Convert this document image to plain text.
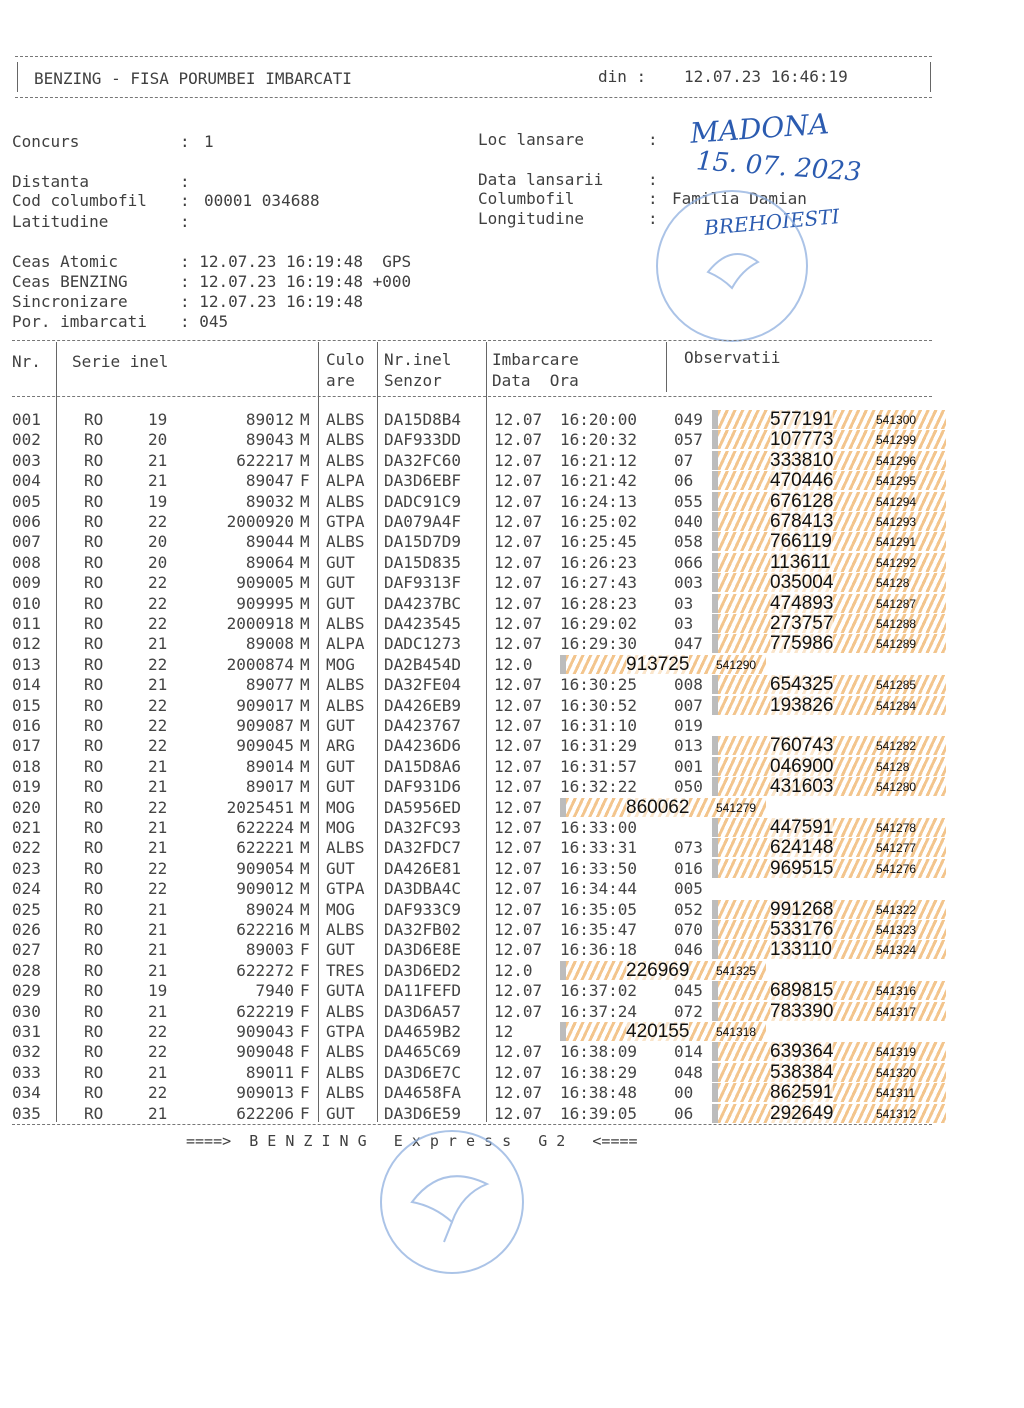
BENZING - FISA PORUMBEI IMBARCATI	din : 12.07.23 16:46:19
Concurs	: 1
Distanta	:
Cod columbofil : 00001 034688
Latitudine	:
Loc lansare	: MADONA
Data lansarii	: 15. 07. 2023
Columbofil	: Familia Damian
Longitudine	: BREHOIESTI
Ceas Atomic	: 12.07.23 16:19:48  GPS
Ceas BENZING	: 12.07.23 16:19:48 +000
Sincronizare	: 12.07.23 16:19:48
Por. imbarcati : 045
Nr. Serie inel	Culo
are
Nr.inel
Senzor
Imbarcare
Data  Ora
Observatii
001	RO	19	89012 M ALBS DA15D8B4 12.07 16:20:00 049	577191	541300
002	RO	20	89043 M ALBS DAF933DD 12.07 16:20:32 057	107773	541299
003	RO	21	622217 M ALBS DA32FC60 12.07 16:21:12 07	333810	541296
004	RO	21	89047 F ALPA DA3D6EBF 12.07 16:21:42 06	470446	541295
005	RO	19	89032 M ALBS DADC91C9 12.07 16:24:13 055	676128	541294
006	RO	22	2000920 M GTPA DA079A4F 12.07 16:25:02 040	678413	541293
007	RO	20	89044 M ALBS DA15D7D9 12.07 16:25:45 058	766119	541291
008	RO	20	89064 M GUT DA15D835 12.07 16:26:23 066	113611	541292
009	RO	22	909005 M GUT DAF9313F 12.07 16:27:43 003	035004	54128
010	RO	22	909995 M GUT DA4237BC 12.07 16:28:23 03	474893	541287
011	RO	22	2000918 M ALBS DA423545 12.07 16:29:02 03	273757	541288
012	RO	21	89008 M ALPA DADC1273 12.07 16:29:30 047	775986	541289
013	RO	22	2000874 M MOG DA2B454D 12.0	913725 541290
014	RO	21	89077 M ALBS DA32FE04 12.07 16:30:25 008	654325	541285
015	RO	22	909017 M ALBS DA426EB9 12.07 16:30:52 007	193826	541284
016	RO	22	909087 M GUT DA423767 12.07 16:31:10 019
017	RO	22	909045 M ARG DA4236D6 12.07 16:31:29 013	760743	541282
018	RO	21	89014 M GUT DA15D8A6 12.07 16:31:57 001	046900	54128
019	RO	21	89017 M GUT DAF931D6 12.07 16:32:22 050	431603	541280
020	RO	22	2025451 M MOG DA5956ED 12.07	860062 541279
021	RO	21	622224 M MOG DA32FC93 12.07 16:33:00	447591	541278
022	RO	21	622221 M ALBS DA32FDC7 12.07 16:33:31 073	624148	541277
023	RO	22	909054 M GUT DA426E81 12.07 16:33:50 016	969515	541276
024	RO	22	909012 M GTPA DA3DBA4C 12.07 16:34:44 005
025	RO	21	89024 M MOG DAF933C9 12.07 16:35:05 052	991268	541322
026	RO	21	622216 M ALBS DA32FB02 12.07 16:35:47 070	533176	541323
027	RO	21	89003 F GUT DA3D6E8E 12.07 16:36:18 046	133110	541324
028	RO	21	622272 F TRES DA3D6ED2 12.0	226969 541325
029	RO	19	7940 F GUTA DA11FEFD 12.07 16:37:02 045	689815	541316
030	RO	21	622219 F ALBS DA3D6A57 12.07 16:37:24 072	783390	541317
031	RO	22	909043 F GTPA DA4659B2 12	420155 541318
032	RO	22	909048 F ALBS DA465C69 12.07 16:38:09 014	639364	541319
033	RO	21	89011 F ALBS DA3D6E7C 12.07 16:38:29 048	538384	541320
034	RO	22	909013 F ALBS DA4658FA 12.07 16:38:48 00	862591	541311
035	RO	21	622206 F GUT DA3D6E59 12.07 16:39:05 06	292649	541312
====>  B E N Z I N G   E x p r e s s   G 2   <====
